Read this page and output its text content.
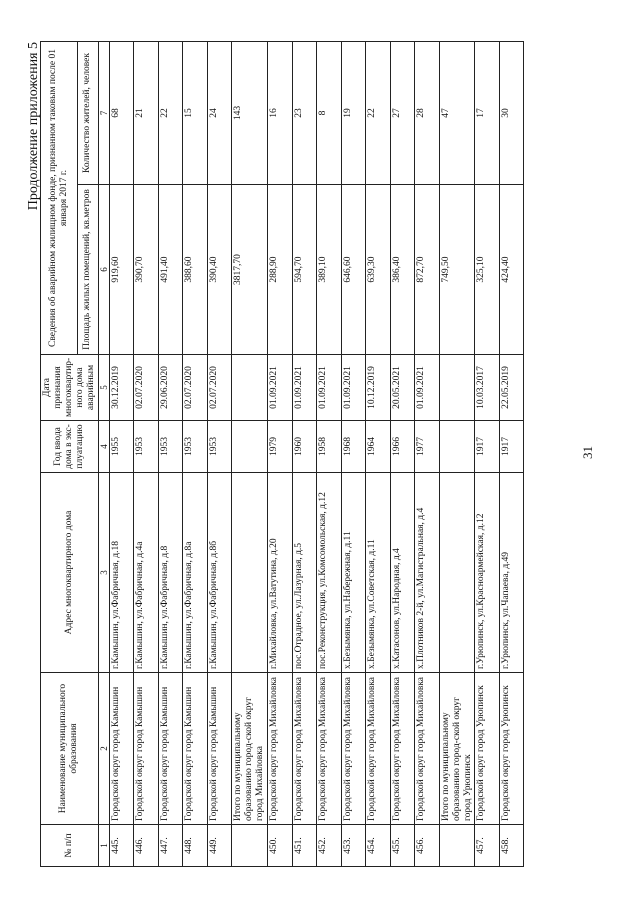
Продолжение приложения 5
№ п/п	Наименование муниципального образования	Адрес многоквартирного дома	Год ввода дома в экс-плуатацию	Дата признания многоквартир-ного дома аварийным	Сведения об аварийном жилищном фонде, признанном таковым после 01 января 2017 г.	
					Площадь жилых помещений, кв.метров	Количество жителей, человек
1	2	3	4	5	6	7
445.	Городской округ город Камышин	г.Камышин, ул.Фабричная, д.18	1955	30.12.2019	919,60	68
446.	Городской округ город Камышин	г.Камышин, ул.Фабричная, д.4а	1953	02.07.2020	390,70	21
447.	Городской округ город Камышин	г.Камышин, ул.Фабричная, д.8	1953	29.06.2020	491,40	22
448.	Городской округ город Камышин	г.Камышин, ул.Фабричная, д.8а	1953	02.07.2020	388,60	15
449.	Городской округ город Камышин	г.Камышин, ул.Фабричная, д.8б	1953	02.07.2020	390,40	24
	Итого по муниципальному образованию город-ской округ город Михайловка				3817,70	143
450.	Городской округ город Михайловка	г.Михайловка, ул.Ватутина, д.20	1979	01.09.2021	288,90	16
451.	Городской округ город Михайловка	пос.Отрадное, ул.Лазурная, д.5	1960	01.09.2021	594,70	23
452.	Городской округ город Михайловка	пос.Реконструкция, ул.Комсомольская, д.12	1958	01.09.2021	389,10	8
453.	Городской округ город Михайловка	х.Безымянка, ул.Набережная, д.11	1968	01.09.2021	646,60	19
454.	Городской округ город Михайловка	х.Безымянка, ул.Советская, д.11	1964	10.12.2019	639,30	22
455.	Городской округ город Михайловка	х.Катасонов, ул.Народная, д.4	1966	20.05.2021	386,40	27
456.	Городской округ город Михайловка	х.Плотников 2-й, ул.Магистральная, д.4	1977	01.09.2021	872,70	28
	Итого по муниципальному образованию город-ской округ город Урюпинск				749,50	47
457.	Городской округ город Урюпинск	г.Урюпинск, ул.Красноармейская, д.12	1917	10.03.2017	325,10	17
458.	Городской округ город Урюпинск	г.Урюпинск, ул.Чапаева, д.49	1917	22.05.2019	424,40	30
31
